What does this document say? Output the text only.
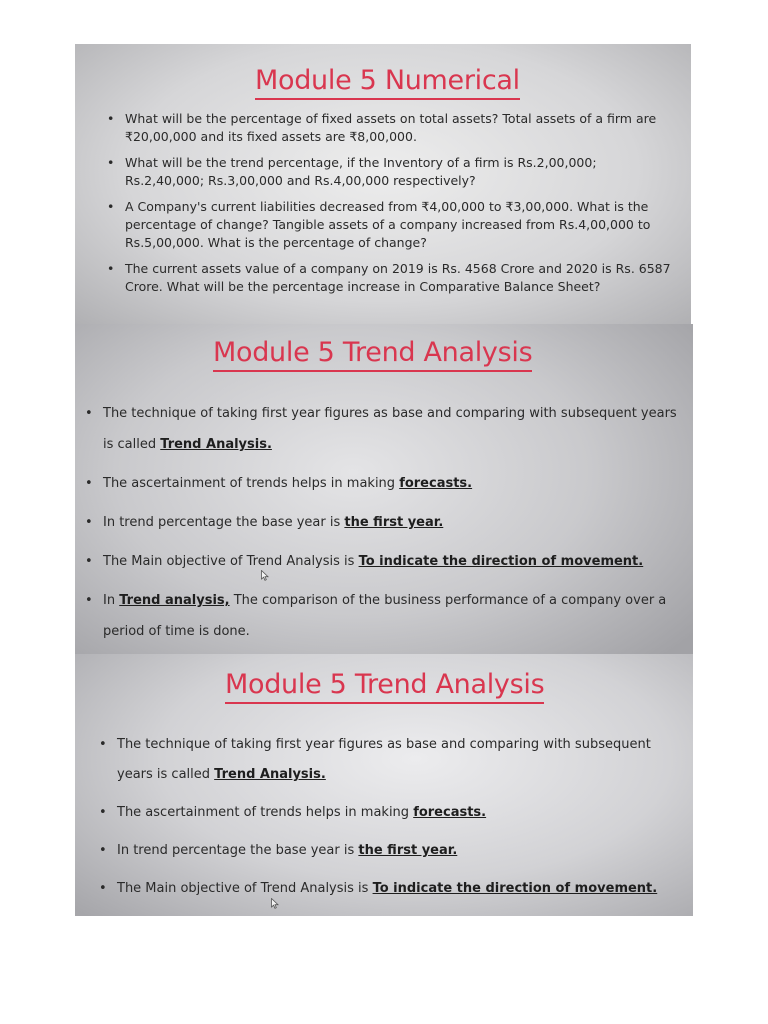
Module 5 Numerical
• What will be the percentage of fixed assets on total assets? Total assets of a firm are ₹20,00,000 and its fixed assets are ₹8,00,000.
• What will be the trend percentage, if the Inventory of a firm is Rs.2,00,000; Rs.2,40,000; Rs.3,00,000 and Rs.4,00,000 respectively?
• A Company's current liabilities decreased from ₹4,00,000 to ₹3,00,000. What is the percentage of change? Tangible assets of a company increased from Rs.4,00,000 to Rs.5,00,000. What is the percentage of change?
• The current assets value of a company on 2019 is Rs. 4568 Crore and 2020 is Rs. 6587 Crore. What will be the percentage increase in Comparative Balance Sheet?
Module 5 Trend Analysis
• The technique of taking first year figures as base and comparing with subsequent years is called Trend Analysis.
• The ascertainment of trends helps in making forecasts.
• In trend percentage the base year is the first year.
• The Main objective of Trend Analysis is To indicate the direction of movement.
• In Trend analysis, The comparison of the business performance of a company over a period of time is done.
Module 5 Trend Analysis
• The technique of taking first year figures as base and comparing with subsequent years is called Trend Analysis.
• The ascertainment of trends helps in making forecasts.
• In trend percentage the base year is the first year.
• The Main objective of Trend Analysis is To indicate the direction of movement.
